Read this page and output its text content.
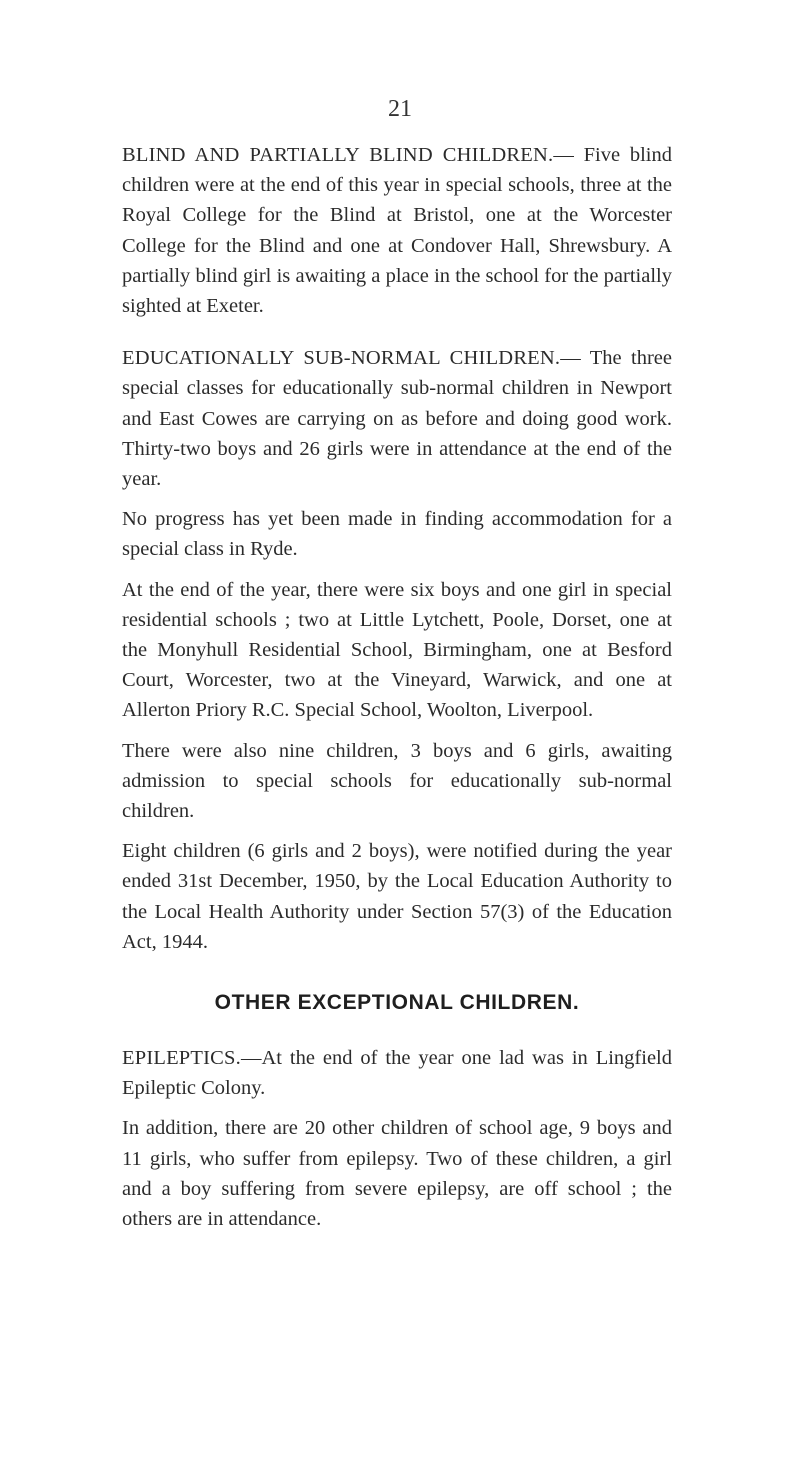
21

BLIND AND PARTIALLY BLIND CHILDREN.— Five blind children were at the end of this year in special schools, three at the Royal College for the Blind at Bristol, one at the Worcester College for the Blind and one at Condover Hall, Shrewsbury. A partially blind girl is awaiting a place in the school for the partially sighted at Exeter.

EDUCATIONALLY SUB-NORMAL CHILDREN.— The three special classes for educationally sub-normal children in Newport and East Cowes are carrying on as before and doing good work. Thirty-two boys and 26 girls were in attendance at the end of the year.

No progress has yet been made in finding accommodation for a special class in Ryde.

At the end of the year, there were six boys and one girl in special residential schools ; two at Little Lytchett, Poole, Dorset, one at the Monyhull Residential School, Birmingham, one at Besford Court, Worcester, two at the Vineyard, Warwick, and one at Allerton Priory R.C. Special School, Woolton, Liverpool.

There were also nine children, 3 boys and 6 girls, awaiting admission to special schools for educationally sub-normal children.

Eight children (6 girls and 2 boys), were notified during the year ended 31st December, 1950, by the Local Education Authority to the Local Health Authority under Section 57(3) of the Education Act, 1944.

OTHER EXCEPTIONAL CHILDREN.

EPILEPTICS.—At the end of the year one lad was in Lingfield Epileptic Colony.

In addition, there are 20 other children of school age, 9 boys and 11 girls, who suffer from epilepsy. Two of these children, a girl and a boy suffering from severe epilepsy, are off school ; the others are in attendance.
